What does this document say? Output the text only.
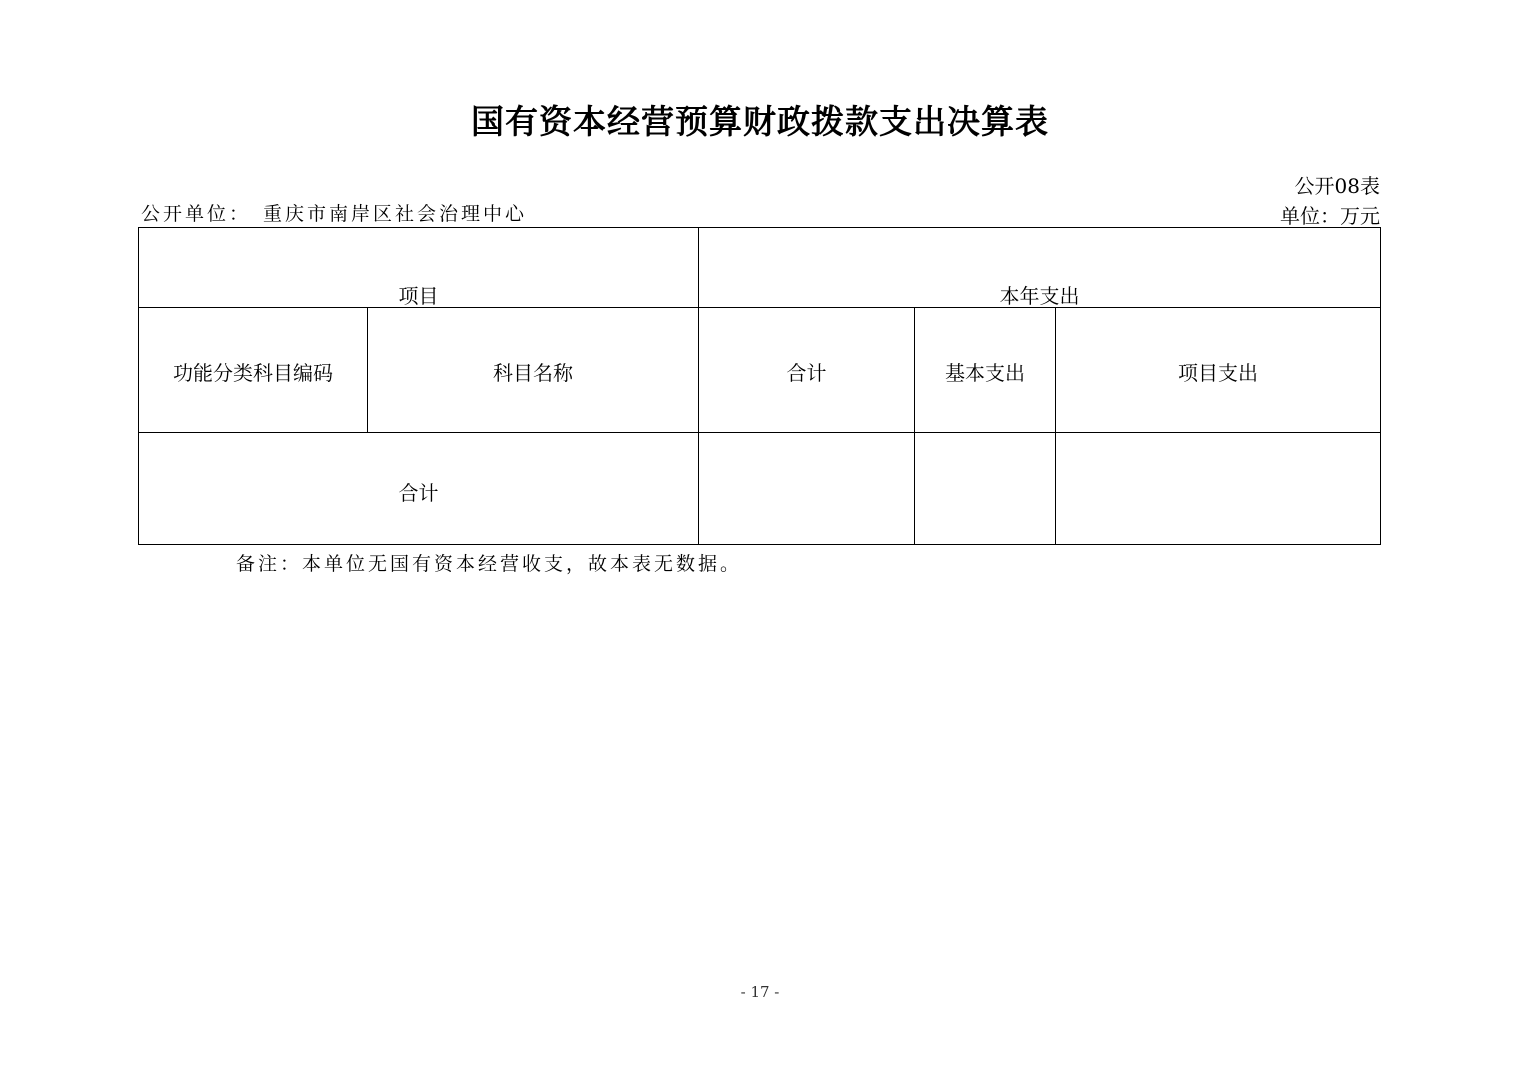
国有资本经营预算财政拨款支出决算表
公开08表
单位：万元
公开单位： 重庆市南岸区社会治理中心
项目	本年支出
功能分类科目编码	科目名称	合计	基本支出	项目支出
合计
备注：本单位无国有资本经营收支，故本表无数据。
- 17 -
